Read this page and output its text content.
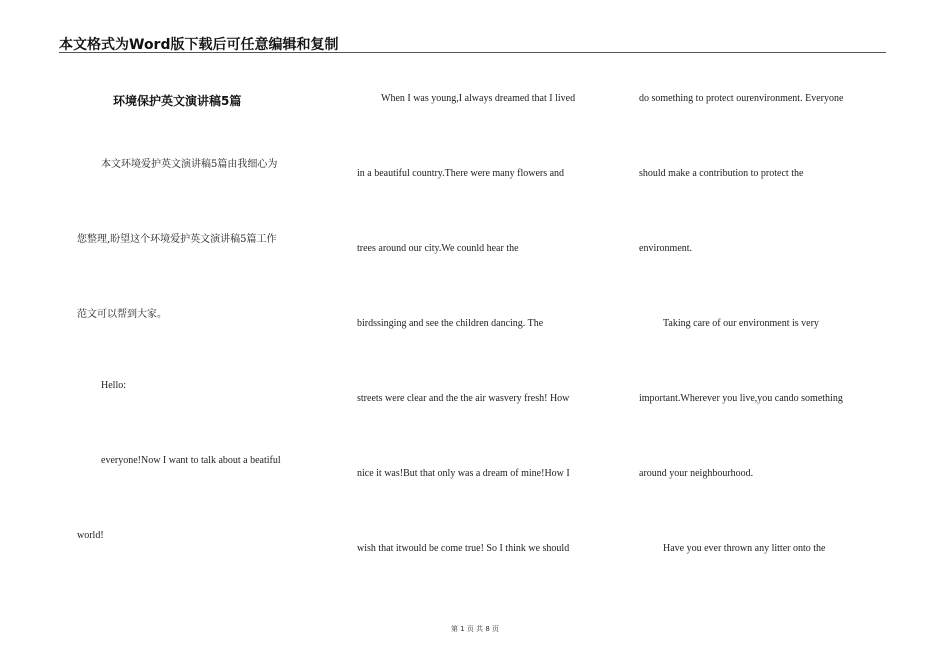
本文格式为Word版下载后可任意编辑和复制
环境保护英文演讲稿5篇
本文环境爱护英文演讲稿5篇由我细心为
您整理,盼望这个环境爱护英文演讲稿5篇工作
范文可以帮到大家。
Hello:
everyone!Now I want to talk about a beatiful
world!
When I was young,I always dreamed that I lived
in a beautiful country.There were many flowers and
trees around our city.We counld hear the
birdssinging and see the children dancing. The
streets were clear and the the air wasvery fresh! How
nice it was!But that only was a dream of mine!How I
wish that itwould be come true! So I think we should
do something to protect ourenvironment. Everyone
should make a contribution to protect the
environment.
Taking care of our environment is very
important.Wherever you live,you cando something
around your neighbourhood.
Have you ever thrown any litter onto the
第 1 页 共 8 页
